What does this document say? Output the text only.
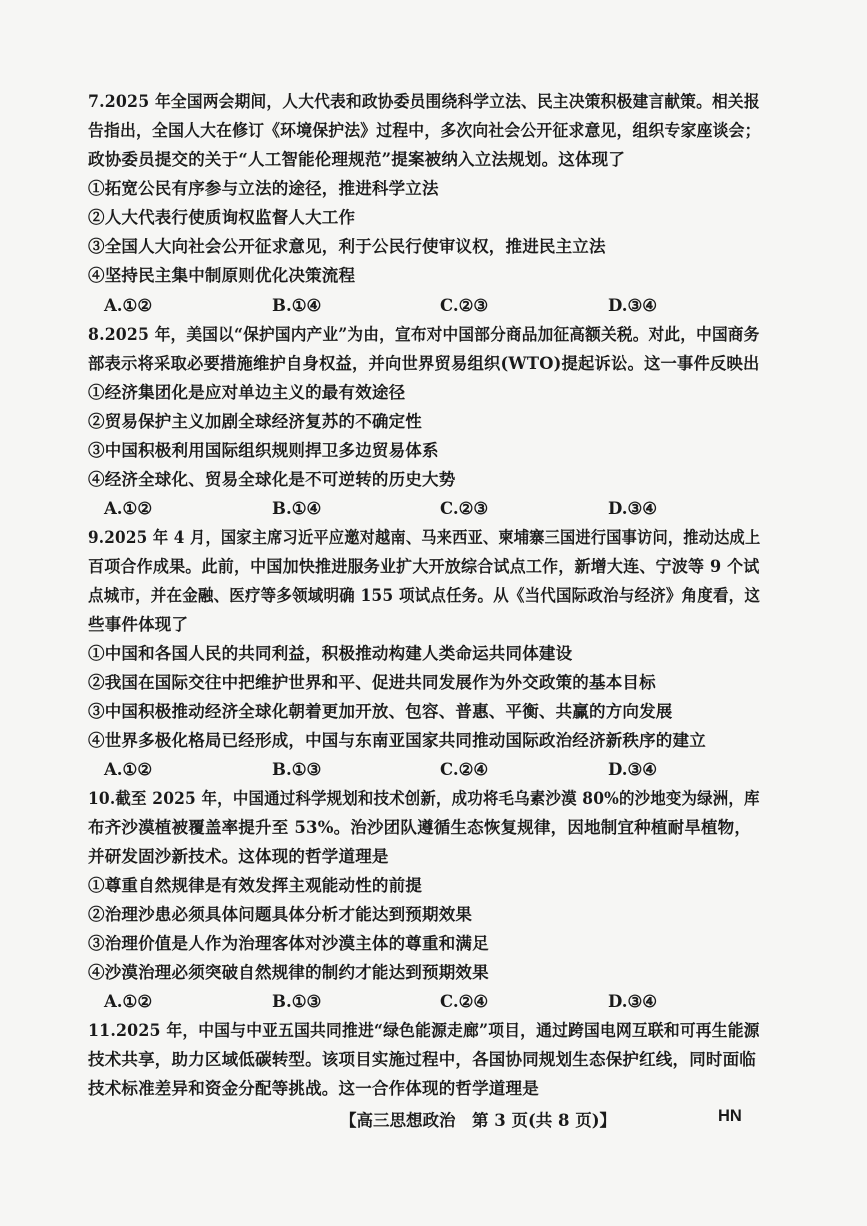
7.2025 年全国两会期间，人大代表和政协委员围绕科学立法、民主决策积极建言献策。相关报
告指出，全国人大在修订《环境保护法》过程中，多次向社会公开征求意见，组织专家座谈会；
政协委员提交的关于“人工智能伦理规范”提案被纳入立法规划。这体现了
①拓宽公民有序参与立法的途径，推进科学立法
②人大代表行使质询权监督人大工作
③全国人大向社会公开征求意见，利于公民行使审议权，推进民主立法
④坚持民主集中制原则优化决策流程
A.①②	B.①④	C.②③	D.③④
8.2025 年，美国以“保护国内产业”为由，宣布对中国部分商品加征高额关税。对此，中国商务
部表示将采取必要措施维护自身权益，并向世界贸易组织(WTO)提起诉讼。这一事件反映出
①经济集团化是应对单边主义的最有效途径
②贸易保护主义加剧全球经济复苏的不确定性
③中国积极利用国际组织规则捍卫多边贸易体系
④经济全球化、贸易全球化是不可逆转的历史大势
A.①②	B.①④	C.②③	D.③④
9.2025 年 4 月，国家主席习近平应邀对越南、马来西亚、柬埔寨三国进行国事访问，推动达成上
百项合作成果。此前，中国加快推进服务业扩大开放综合试点工作，新增大连、宁波等 9 个试
点城市，并在金融、医疗等多领域明确 155 项试点任务。从《当代国际政治与经济》角度看，这
些事件体现了
①中国和各国人民的共同利益，积极推动构建人类命运共同体建设
②我国在国际交往中把维护世界和平、促进共同发展作为外交政策的基本目标
③中国积极推动经济全球化朝着更加开放、包容、普惠、平衡、共赢的方向发展
④世界多极化格局已经形成，中国与东南亚国家共同推动国际政治经济新秩序的建立
A.①②	B.①③	C.②④	D.③④
10.截至 2025 年，中国通过科学规划和技术创新，成功将毛乌素沙漠 80%的沙地变为绿洲，库
布齐沙漠植被覆盖率提升至 53%。治沙团队遵循生态恢复规律，因地制宜种植耐旱植物，
并研发固沙新技术。这体现的哲学道理是
①尊重自然规律是有效发挥主观能动性的前提
②治理沙患必须具体问题具体分析才能达到预期效果
③治理价值是人作为治理客体对沙漠主体的尊重和满足
④沙漠治理必须突破自然规律的制约才能达到预期效果
A.①②	B.①③	C.②④	D.③④
11.2025 年，中国与中亚五国共同推进“绿色能源走廊”项目，通过跨国电网互联和可再生能源
技术共享，助力区域低碳转型。该项目实施过程中，各国协同规划生态保护红线，同时面临
技术标准差异和资金分配等挑战。这一合作体现的哲学道理是
【高三思想政治　第 3 页(共 8 页)】	HN
